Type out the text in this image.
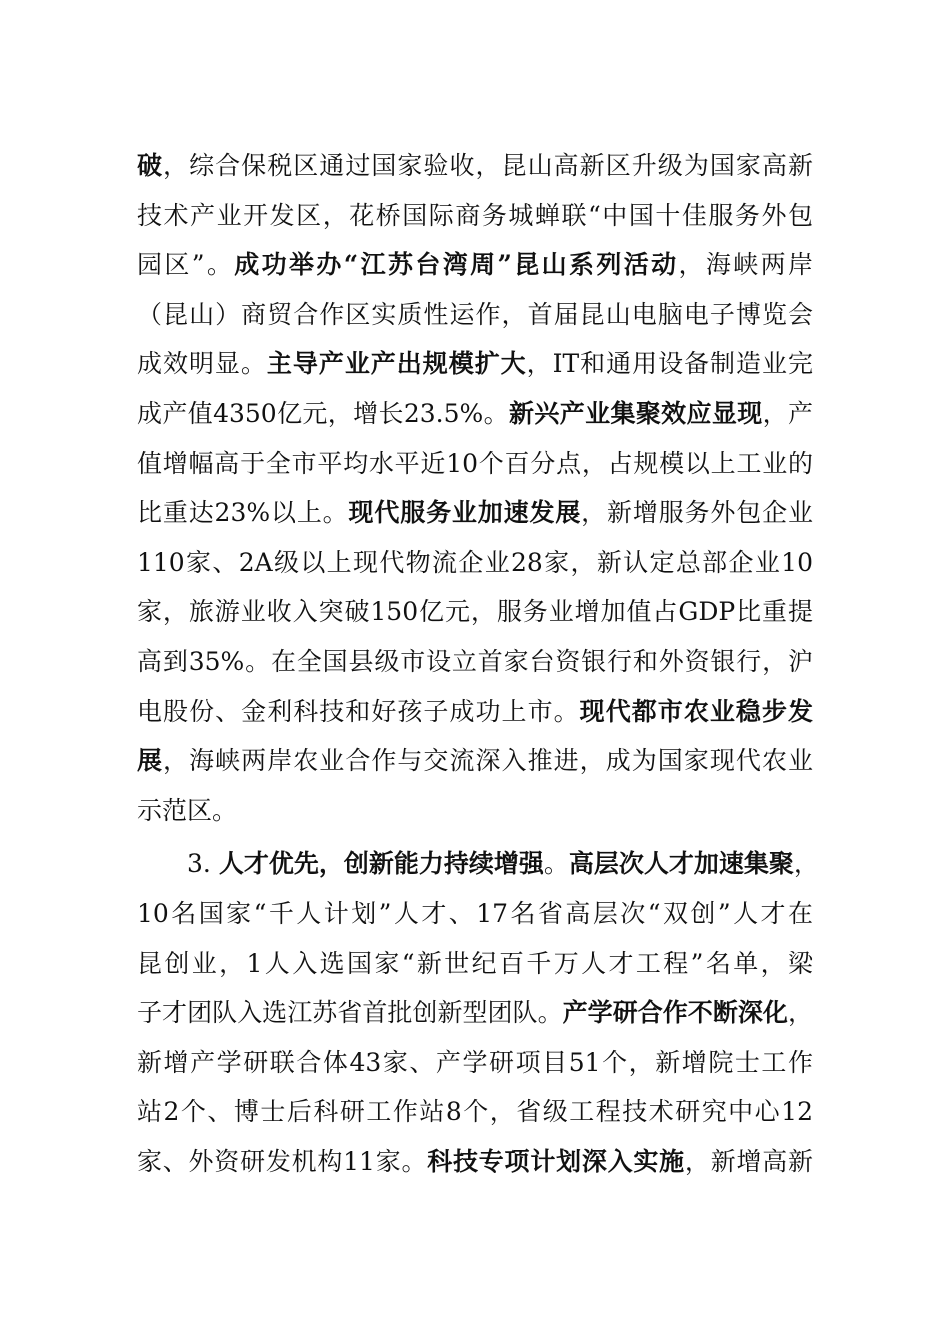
破，综合保税区通过国家验收，昆山高新区升级为国家高新
技术产业开发区，花桥国际商务城蝉联“中国十佳服务外包
园区”。成功举办“江苏台湾周”昆山系列活动，海峡两岸
（昆山）商贸合作区实质性运作，首届昆山电脑电子博览会
成效明显。主导产业产出规模扩大，IT和通用设备制造业完
成产值4350亿元，增长23.5%。新兴产业集聚效应显现，产
值增幅高于全市平均水平近10个百分点，占规模以上工业的
比重达23%以上。现代服务业加速发展，新增服务外包企业
110家、2A级以上现代物流企业28家，新认定总部企业10
家，旅游业收入突破150亿元，服务业增加值占GDP比重提
高到35%。在全国县级市设立首家台资银行和外资银行，沪
电股份、金利科技和好孩子成功上市。现代都市农业稳步发
展，海峡两岸农业合作与交流深入推进，成为国家现代农业
示范区。
3. 人才优先，创新能力持续增强。高层次人才加速集聚，
10名国家“千人计划”人才、17名省高层次“双创”人才在
昆创业，1人入选国家“新世纪百千万人才工程”名单，梁
子才团队入选江苏省首批创新型团队。产学研合作不断深化，
新增产学研联合体43家、产学研项目51个，新增院士工作
站2个、博士后科研工作站8个，省级工程技术研究中心12
家、外资研发机构11家。科技专项计划深入实施，新增高新
